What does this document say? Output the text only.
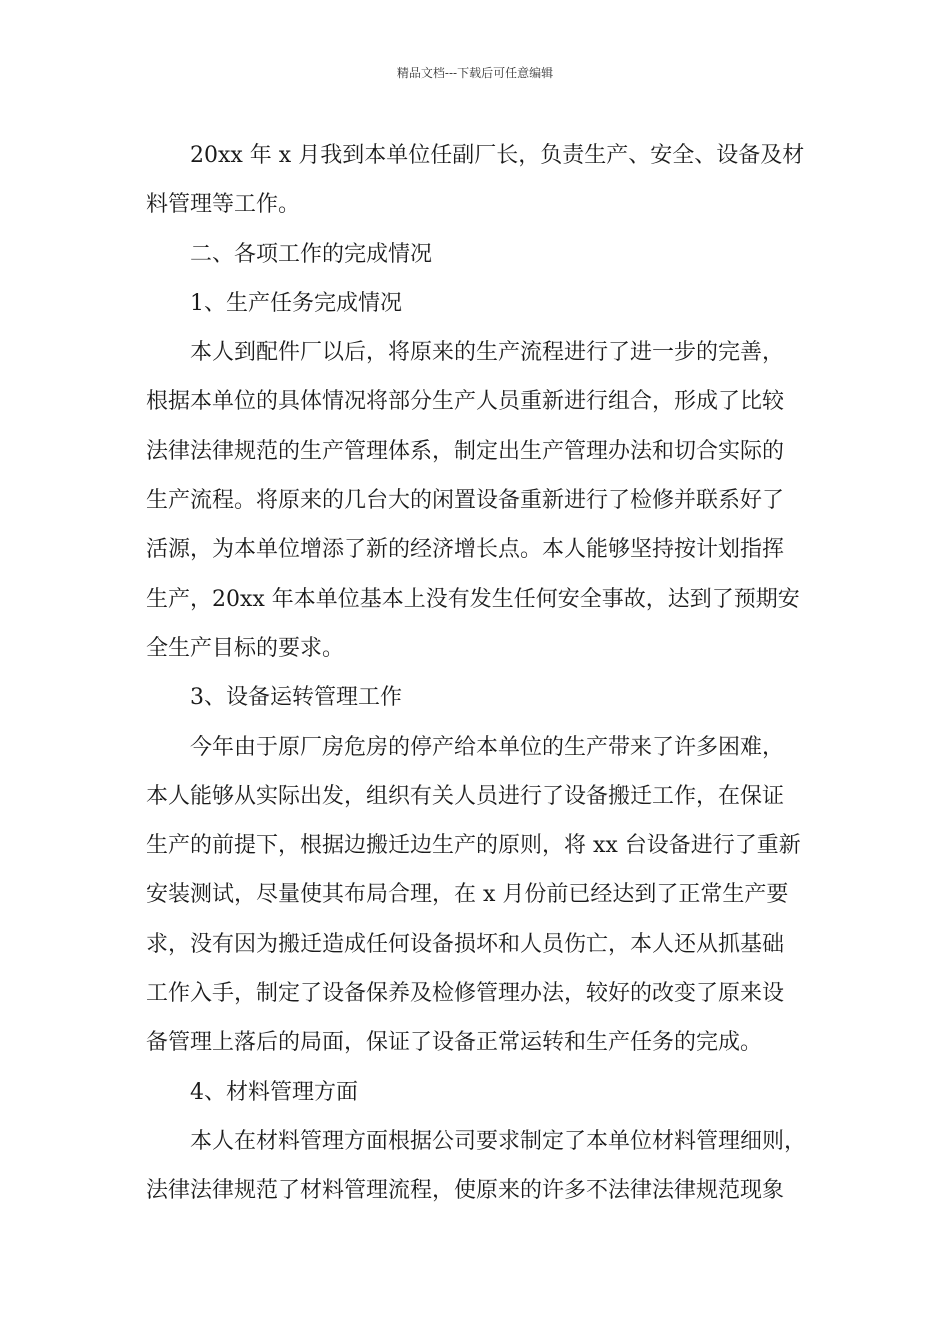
精品文档---下载后可任意编辑
20xx 年 x 月我到本单位任副厂长，负责生产、安全、设备及材
料管理等工作。
二、各项工作的完成情况
1、生产任务完成情况
本人到配件厂以后，将原来的生产流程进行了进一步的完善，
根据本单位的具体情况将部分生产人员重新进行组合，形成了比较
法律法律规范的生产管理体系，制定出生产管理办法和切合实际的
生产流程。将原来的几台大的闲置设备重新进行了检修并联系好了
活源，为本单位增添了新的经济增长点。本人能够坚持按计划指挥
生产，20xx 年本单位基本上没有发生任何安全事故，达到了预期安
全生产目标的要求。
3、设备运转管理工作
今年由于原厂房危房的停产给本单位的生产带来了许多困难，
本人能够从实际出发，组织有关人员进行了设备搬迁工作，在保证
生产的前提下，根据边搬迁边生产的原则，将 xx 台设备进行了重新
安装测试，尽量使其布局合理，在 x 月份前已经达到了正常生产要
求，没有因为搬迁造成任何设备损坏和人员伤亡，本人还从抓基础
工作入手，制定了设备保养及检修管理办法，较好的改变了原来设
备管理上落后的局面，保证了设备正常运转和生产任务的完成。
4、材料管理方面
本人在材料管理方面根据公司要求制定了本单位材料管理细则，
法律法律规范了材料管理流程，使原来的许多不法律法律规范现象
